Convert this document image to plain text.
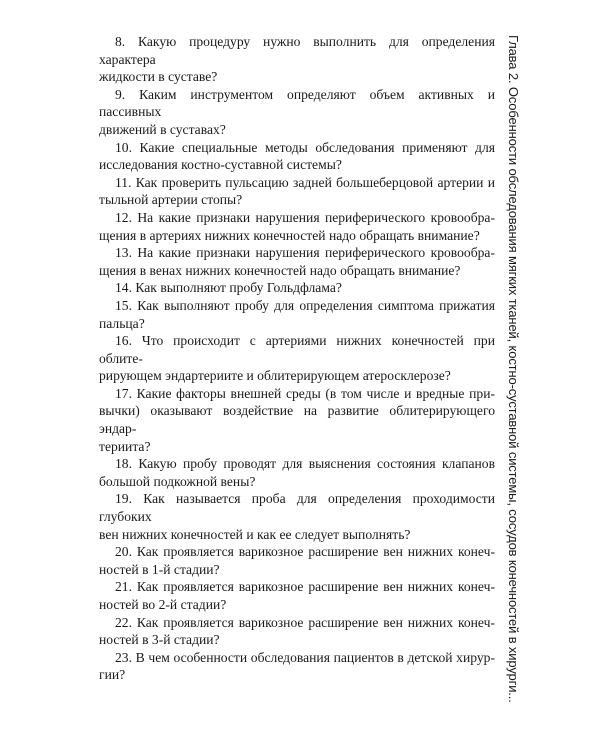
8. Какую процедуру нужно выполнить для определения характера
жидкости в суставе?

9. Каким инструментом определяют объем активных и пассивных
движений в суставах?

10. Какие специальные методы обследования применяют для
исследования костно-суставной системы?

11. Как проверить пульсацию задней большеберцовой артерии и
тыльной артерии стопы?

12. На какие признаки нарушения периферического кровообра-
щения в артериях нижних конечностей надо обращать внимание?

13. На какие признаки нарушения периферического кровообра-
щения в венах нижних конечностей надо обращать внимание?

14. Как выполняют пробу Гольдфлама?

15. Как выполняют пробу для определения симптома прижатия
пальца?

16. Что происходит с артериями нижних конечностей при облите-
рирующем эндартериите и облитерирующем атеросклерозе?

17. Какие факторы внешней среды (в том числе и вредные при-
вычки) оказывают воздействие на развитие облитерирующего эндар-
териита?

18. Какую пробу проводят для выяснения состояния клапанов
большой подкожной вены?

19. Как называется проба для определения проходимости глубоких
вен нижних конечностей и как ее следует выполнять?

20. Как проявляется варикозное расширение вен нижних конеч-
ностей в 1-й стадии?

21. Как проявляется варикозное расширение вен нижних конеч-
ностей во 2-й стадии?

22. Как проявляется варикозное расширение вен нижних конеч-
ностей в 3-й стадии?

23. В чем особенности обследования пациентов в детской хирур-
гии?	Глава 2. Особенности обследования мягких тканей, костно-суставной системы, сосудов конечностей в хирурги...
